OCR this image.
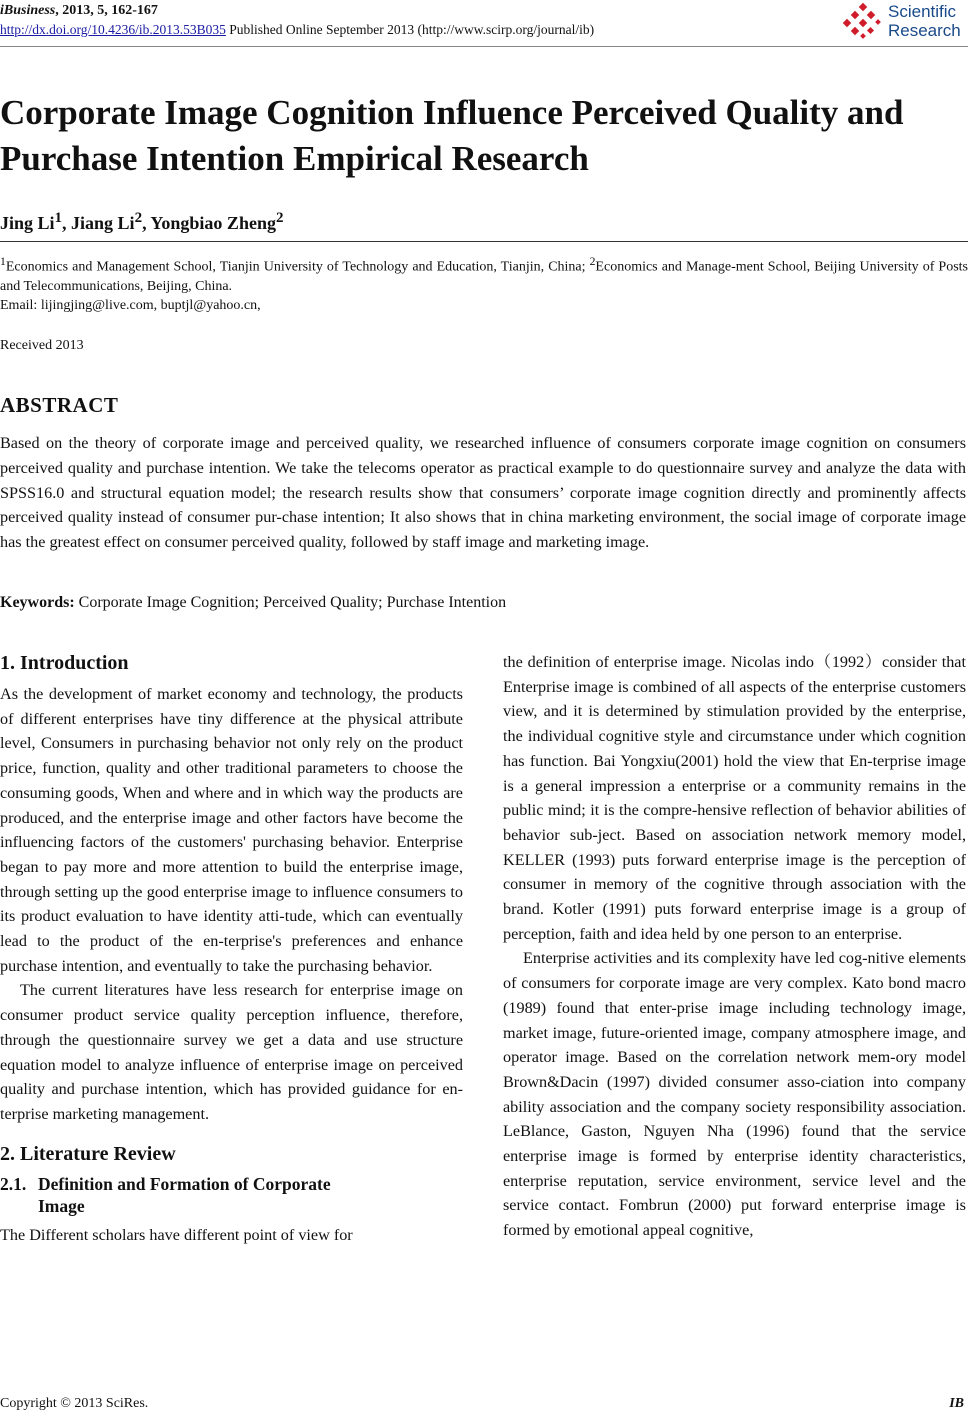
iBusiness, 2013, 5, 162-167
http://dx.doi.org/10.4236/ib.2013.53B035 Published Online September 2013 (http://www.scirp.org/journal/ib)
Scientific
Research
Corporate Image Cognition Influence Perceived Quality and Purchase Intention Empirical Research
Jing Li$^1$, Jiang Li$^2$, Yongbiao Zheng$^2$
$^1$Economics and Management School, Tianjin University of Technology and Education, Tianjin, China; $^2$Economics and Manage-ment School, Beijing University of Posts and Telecommunications, Beijing, China.
Email: lijingjing@live.com, buptjl@yahoo.cn,
Received 2013
ABSTRACT

Based on the theory of corporate image and perceived quality, we researched influence of consumers corporate image cognition on consumers perceived quality and purchase intention. We take the telecoms operator as practical example to do questionnaire survey and analyze the data with SPSS16.0 and structural equation model; the research results show that consumers’ corporate image cognition directly and prominently affects perceived quality instead of consumer pur-chase intention; It also shows that in china marketing environment, the social image of corporate image has the greatest effect on consumer perceived quality, followed by staff image and marketing image.

Keywords: Corporate Image Cognition; Perceived Quality; Purchase Intention
1. Introduction

As the development of market economy and technology, the products of different enterprises have tiny difference at the physical attribute level, Consumers in purchasing behavior not only rely on the product price, function, quality and other traditional parameters to choose the consuming goods, When and where and in which way the products are produced, and the enterprise image and other factors have become the influencing factors of the customers' purchasing behavior. Enterprise began to pay more and more attention to build the enterprise image, through setting up the good enterprise image to influence consumers to its product evaluation to have identity atti-tude, which can eventually lead to the product of the en-terprise's preferences and enhance purchase intention, and eventually to take the purchasing behavior.

The current literatures have less research for enterprise image on consumer product service quality perception influence, therefore, through the questionnaire survey we get a data and use structure equation model to analyze influence of enterprise image on perceived quality and purchase intention, which has provided guidance for en-terprise marketing management.

2. Literature Review
2.1. Definition and Formation of Corporate
Image

The Different scholars have different point of view for

the definition of enterprise image. Nicolas indo（1992）consider that Enterprise image is combined of all aspects of the enterprise customers view, and it is determined by stimulation provided by the enterprise, the individual cognitive style and circumstance under which cognition has function. Bai Yongxiu(2001) hold the view that En-terprise image is a general impression a enterprise or a community remains in the public mind; it is the compre-hensive reflection of behavior abilities of behavior sub-ject. Based on association network memory model, KELLER (1993) puts forward enterprise image is the perception of consumer in memory of the cognitive through association with the brand. Kotler (1991) puts forward enterprise image is a group of perception, faith and idea held by one person to an enterprise.

Enterprise activities and its complexity have led cog-nitive elements of consumers for corporate image are very complex. Kato bond macro (1989) found that enter-prise image including technology image, market image, future-oriented image, company atmosphere image, and operator image. Based on the correlation network mem-ory model Brown&Dacin (1997) divided consumer asso-ciation into company ability association and the company society responsibility association. LeBlance, Gaston, Nguyen Nha (1996) found that the service enterprise image is formed by enterprise identity characteristics, enterprise reputation, service environment, service level and the service contact. Fombrun (2000) put forward enterprise image is formed by emotional appeal cognitive,

Copyright © 2013 SciRes.	IB
